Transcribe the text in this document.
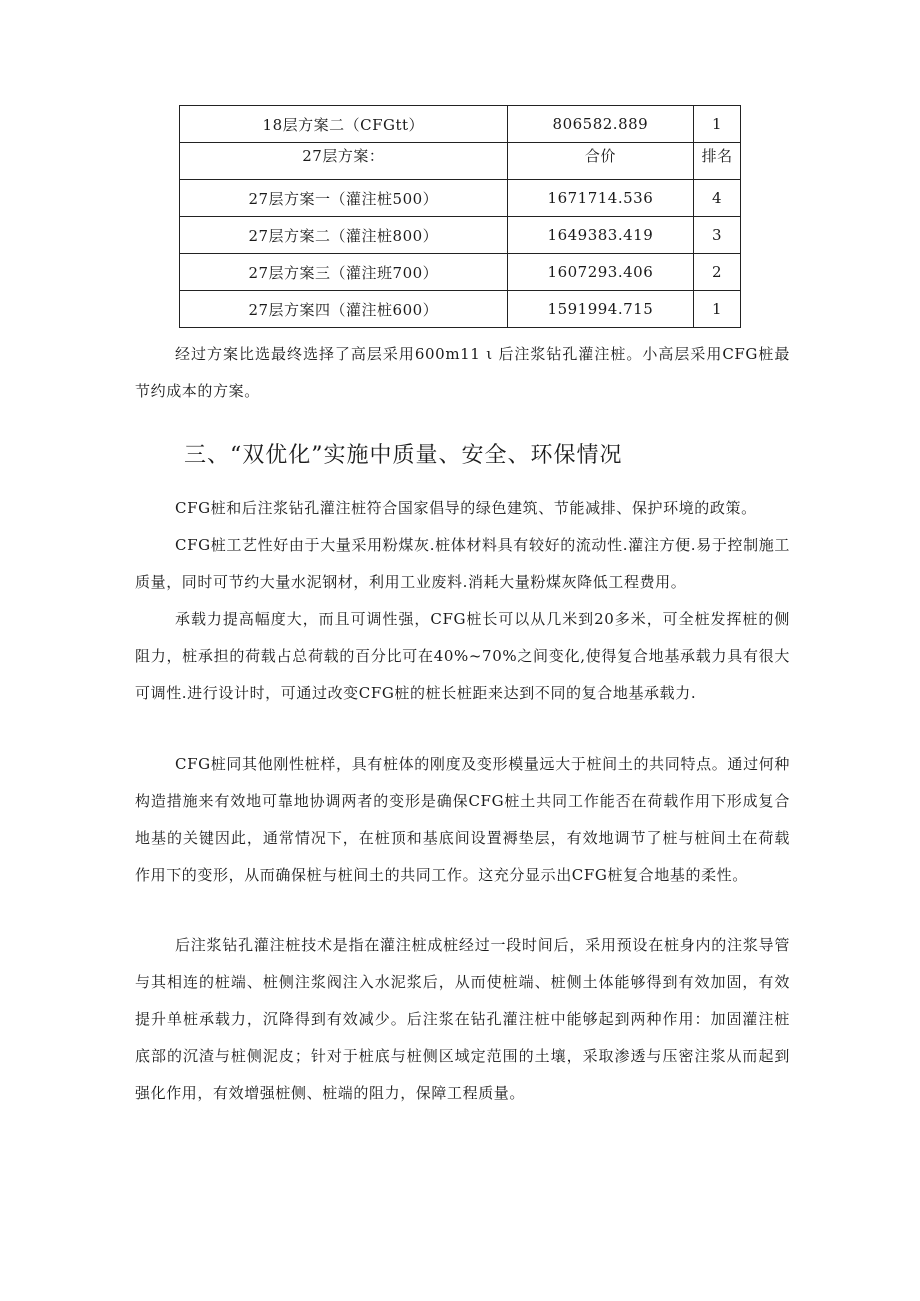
18层方案二（CFGtt）	806582.889	1
27层方案：	合价	排名
27层方案一（灌注桩500）	1671714.536	4
27层方案二（灌注桩800）	1649383.419	3
27层方案三（灌注班700）	1607293.406	2
27层方案四（灌注桩600）	1591994.715	1

经过方案比选最终选择了高层采用600m11 ι 后注浆钻孔灌注桩。小高层采用CFG桩最节约成本的方案。

三、“双优化”实施中质量、安全、环保情况

CFG桩和后注浆钻孔灌注桩符合国家倡导的绿色建筑、节能减排、保护环境的政策。

CFG桩工艺性好由于大量采用粉煤灰.桩体材料具有较好的流动性.灌注方便.易于控制施工质量，同时可节约大量水泥钢材，利用工业废料.消耗大量粉煤灰降低工程费用。

承载力提高幅度大，而且可调性强，CFG桩长可以从几米到20多米，可全桩发挥桩的侧阻力，桩承担的荷载占总荷载的百分比可在40%~70%之间变化,使得复合地基承载力具有很大可调性.进行设计时，可通过改变CFG桩的桩长桩距来达到不同的复合地基承载力.

CFG桩同其他刚性桩样，具有桩体的刚度及变形模量远大于桩间土的共同特点。通过何种构造措施来有效地可靠地协调两者的变形是确保CFG桩土共同工作能否在荷载作用下形成复合地基的关键因此，通常情况下，在桩顶和基底间设置褥垫层，有效地调节了桩与桩间土在荷载作用下的变形，从而确保桩与桩间土的共同工作。这充分显示出CFG桩复合地基的柔性。

后注浆钻孔灌注桩技术是指在灌注桩成桩经过一段时间后，采用预设在桩身内的注浆导管与其相连的桩端、桩侧注浆阀注入水泥浆后，从而使桩端、桩侧土体能够得到有效加固，有效提升单桩承载力，沉降得到有效减少。后注浆在钻孔灌注桩中能够起到两种作用：加固灌注桩底部的沉渣与桩侧泥皮；针对于桩底与桩侧区域定范围的土壤，采取渗透与压密注浆从而起到强化作用，有效增强桩侧、桩端的阻力，保障工程质量。
